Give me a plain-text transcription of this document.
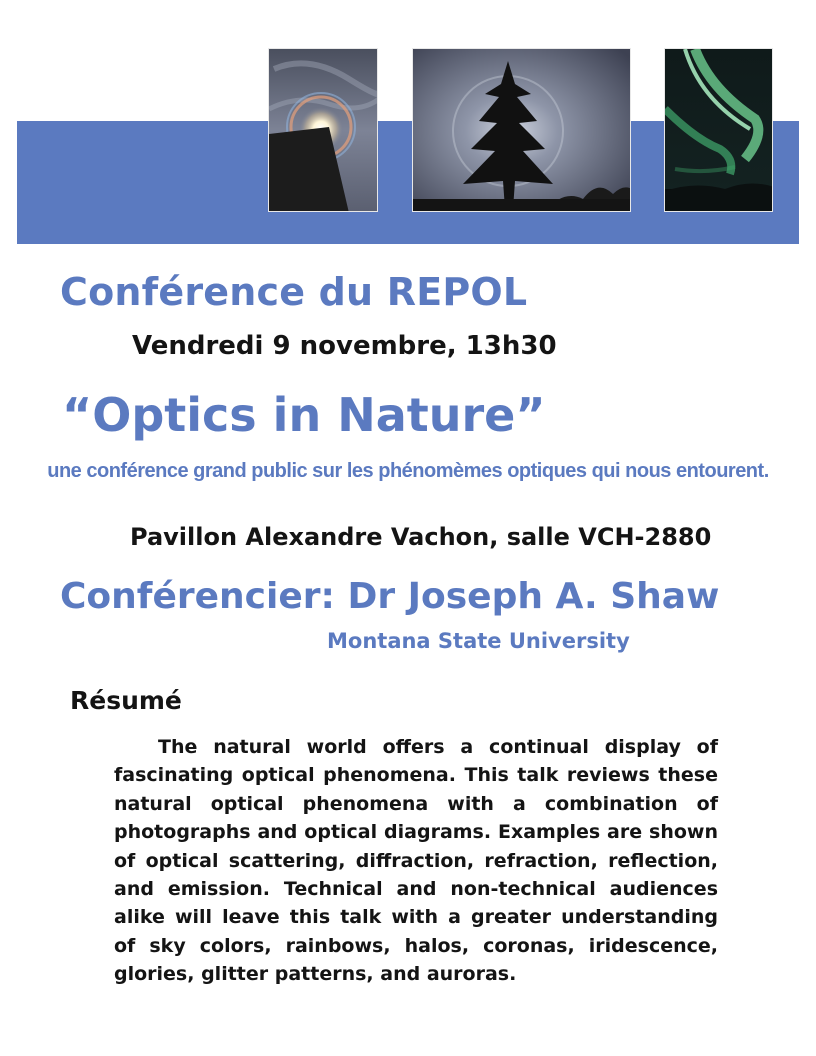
Conférence du REPOL
Vendredi 9 novembre, 13h30
“Optics in Nature”
une conférence grand public sur les phénomèmes optiques qui nous entourent.
Pavillon Alexandre Vachon, salle VCH-2880
Conférencier: Dr Joseph A. Shaw
Montana State University
Résumé

The natural world offers a continual display of fascinating optical phenomena. This talk reviews these natural optical phenomena with a combination of photographs and optical diagrams. Examples are shown of optical scattering, diffraction, refraction, reflection, and emission. Technical and non-technical audiences alike will leave this talk with a greater understanding of sky colors, rainbows, halos, coronas, iridescence, glories, glitter patterns, and auroras.
